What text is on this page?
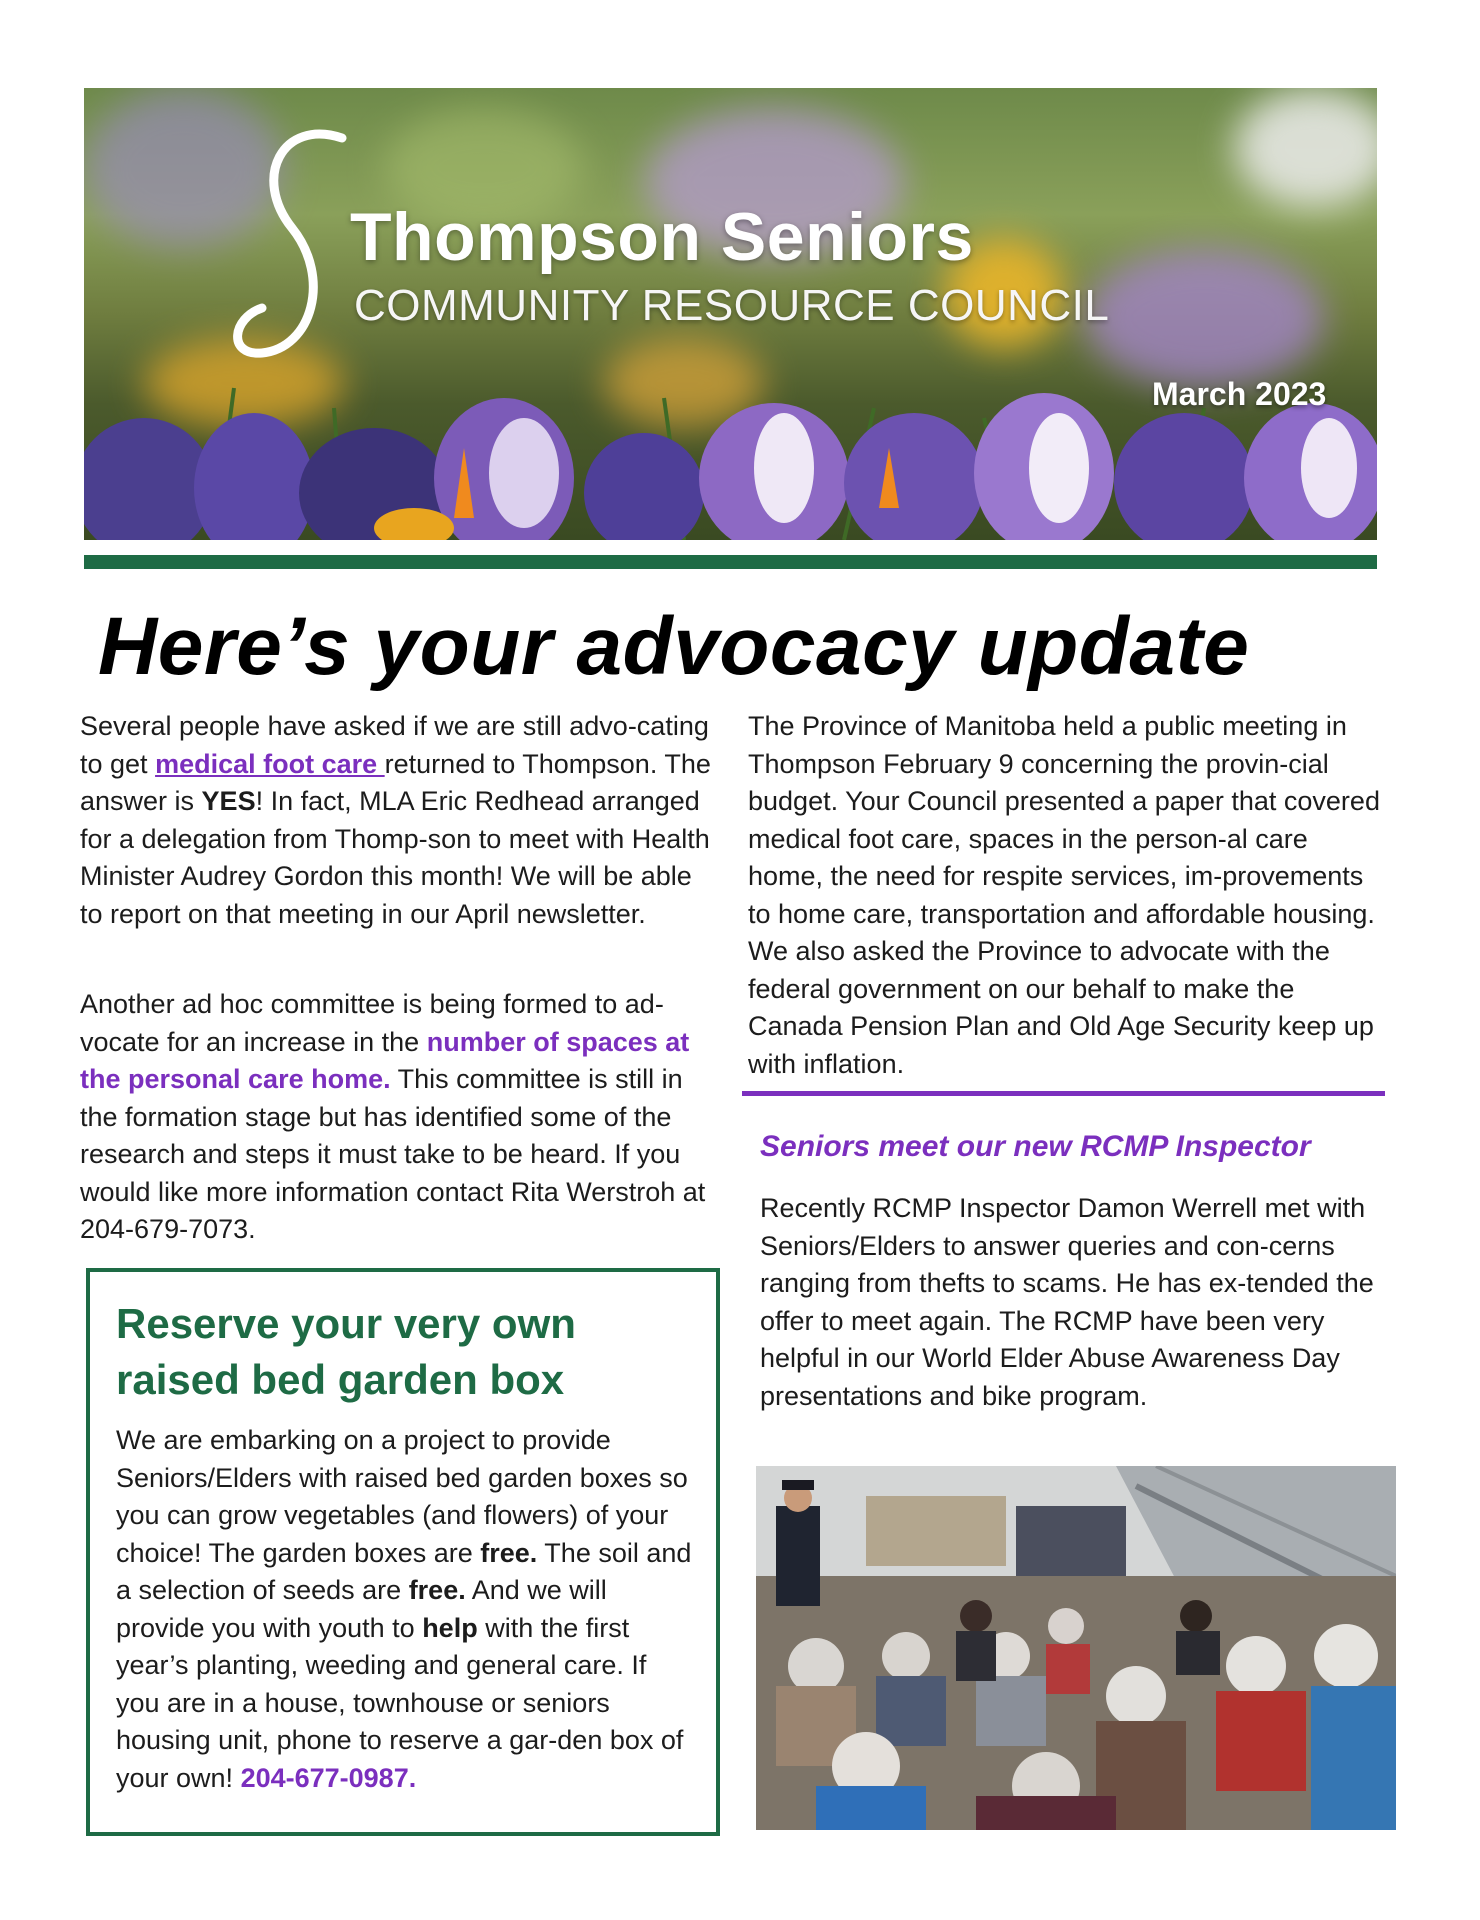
Thompson Seniors
COMMUNITY RESOURCE COUNCIL
March 2023
Here’s your advocacy update

Several people have asked if we are still advo-cating to get medical foot care returned to Thompson. The answer is YES! In fact, MLA Eric Redhead arranged for a delegation from Thomp-son to meet with Health Minister Audrey Gordon this month! We will be able to report on that meeting in our April newsletter.

Another ad hoc committee is being formed to ad-vocate for an increase in the number of spaces at the personal care home. This committee is still in the formation stage but has identified some of the research and steps it must take to be heard. If you would like more information contact Rita Werstroh at 204-679-7073.

Reserve your very own raised bed garden box

We are embarking on a project to provide Seniors/Elders with raised bed garden boxes so you can grow vegetables (and flowers) of your choice! The garden boxes are free. The soil and a selection of seeds are free. And we will provide you with youth to help with the first year’s planting, weeding and general care. If you are in a house, townhouse or seniors housing unit, phone to reserve a gar-den box of your own! 204-677-0987.

The Province of Manitoba held a public meeting in Thompson February 9 concerning the provin-cial budget. Your Council presented a paper that covered medical foot care, spaces in the person-al care home, the need for respite services, im-provements to home care, transportation and affordable housing. We also asked the Province to advocate with the federal government on our behalf to make the Canada Pension Plan and Old Age Security keep up with inflation.

Seniors meet our new RCMP Inspector

Recently RCMP Inspector Damon Werrell met with Seniors/Elders to answer queries and con-cerns ranging from thefts to scams. He has ex-tended the offer to meet again. The RCMP have been very helpful in our World Elder Abuse Awareness Day presentations and bike program.
